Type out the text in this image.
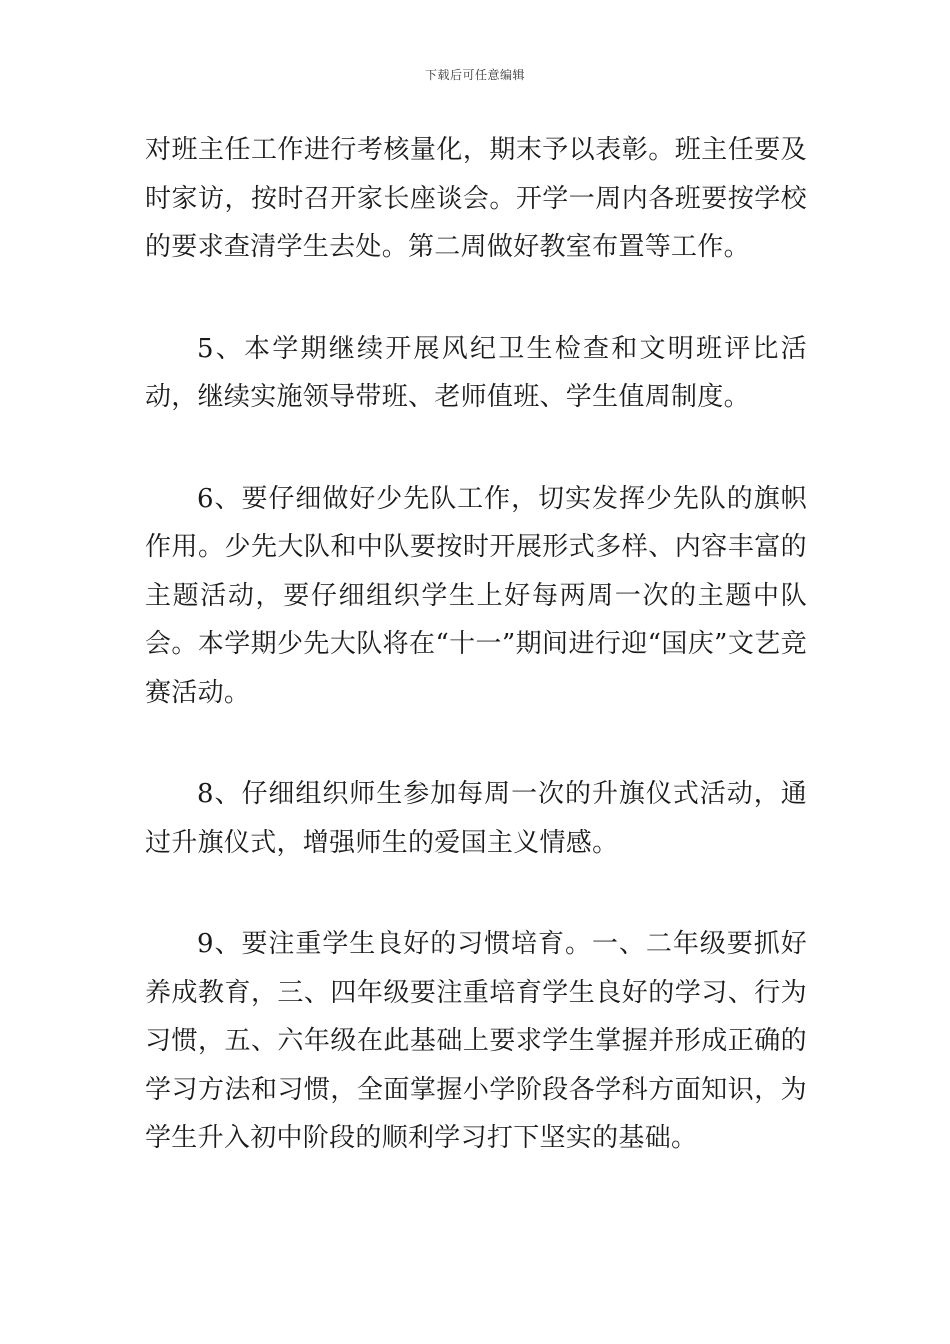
下载后可任意编辑

对班主任工作进行考核量化，期末予以表彰。班主任要及时家访，按时召开家长座谈会。开学一周内各班要按学校的要求查清学生去处。第二周做好教室布置等工作。

5、本学期继续开展风纪卫生检查和文明班评比活动，继续实施领导带班、老师值班、学生值周制度。

6、要仔细做好少先队工作，切实发挥少先队的旗帜作用。少先大队和中队要按时开展形式多样、内容丰富的主题活动，要仔细组织学生上好每两周一次的主题中队会。本学期少先大队将在“十一”期间进行迎“国庆”文艺竞赛活动。

8、仔细组织师生参加每周一次的升旗仪式活动，通过升旗仪式，增强师生的爱国主义情感。

9、要注重学生良好的习惯培育。一、二年级要抓好养成教育，三、四年级要注重培育学生良好的学习、行为习惯，五、六年级在此基础上要求学生掌握并形成正确的学习方法和习惯，全面掌握小学阶段各学科方面知识，为学生升入初中阶段的顺利学习打下坚实的基础。
